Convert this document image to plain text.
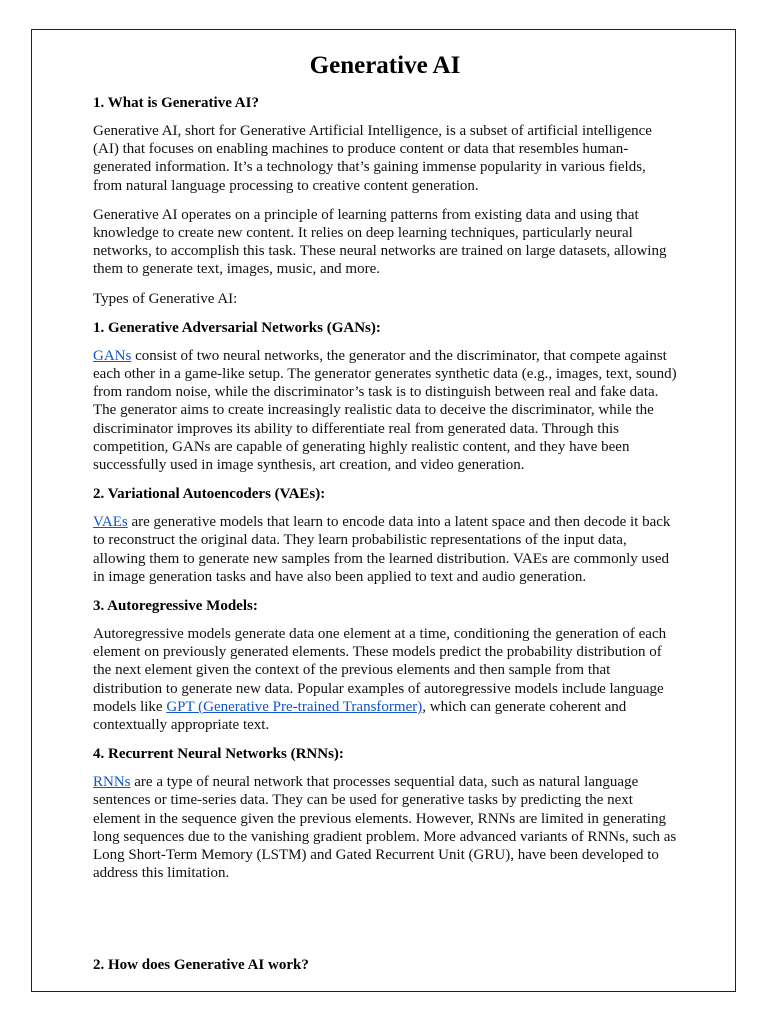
Generative AI
1. What is Generative AI?

Generative AI, short for Generative Artificial Intelligence, is a subset of artificial intelligence (AI) that focuses on enabling machines to produce content or data that resembles human-generated information. It’s a technology that’s gaining immense popularity in various fields, from natural language processing to creative content generation.

Generative AI operates on a principle of learning patterns from existing data and using that knowledge to create new content. It relies on deep learning techniques, particularly neural networks, to accomplish this task. These neural networks are trained on large datasets, allowing them to generate text, images, music, and more.

Types of Generative AI:

1. Generative Adversarial Networks (GANs):

GANs consist of two neural networks, the generator and the discriminator, that compete against each other in a game-like setup. The generator generates synthetic data (e.g., images, text, sound) from random noise, while the discriminator’s task is to distinguish between real and fake data. The generator aims to create increasingly realistic data to deceive the discriminator, while the discriminator improves its ability to differentiate real from generated data. Through this competition, GANs are capable of generating highly realistic content, and they have been successfully used in image synthesis, art creation, and video generation.

2. Variational Autoencoders (VAEs):

VAEs are generative models that learn to encode data into a latent space and then decode it back to reconstruct the original data. They learn probabilistic representations of the input data, allowing them to generate new samples from the learned distribution. VAEs are commonly used in image generation tasks and have also been applied to text and audio generation.

3. Autoregressive Models:

Autoregressive models generate data one element at a time, conditioning the generation of each element on previously generated elements. These models predict the probability distribution of the next element given the context of the previous elements and then sample from that distribution to generate new data. Popular examples of autoregressive models include language models like GPT (Generative Pre-trained Transformer), which can generate coherent and contextually appropriate text.

4. Recurrent Neural Networks (RNNs):

RNNs are a type of neural network that processes sequential data, such as natural language sentences or time-series data. They can be used for generative tasks by predicting the next element in the sequence given the previous elements. However, RNNs are limited in generating long sequences due to the vanishing gradient problem. More advanced variants of RNNs, such as Long Short-Term Memory (LSTM) and Gated Recurrent Unit (GRU), have been developed to address this limitation.

2. How does Generative AI work?
